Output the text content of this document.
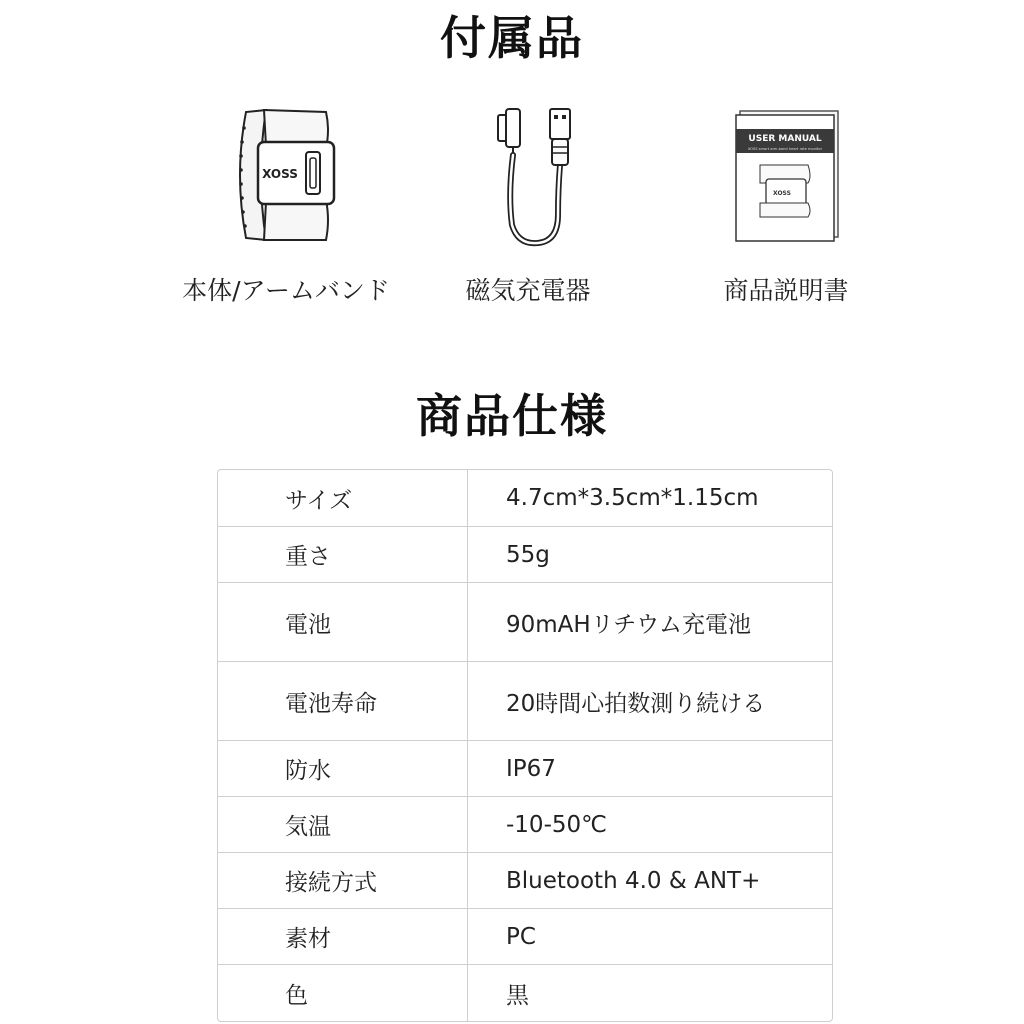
付属品
XOSS
本体/アームバンド	磁気充電器
USER MANUAL
XOSS smart arm-band heart rate monitor
XOSS
商品説明書
商品仕様
サイズ	4.7cm*3.5cm*1.15cm
重さ	55g
電池	90mAHリチウム充電池
電池寿命	20時間心拍数測り続ける
防水	IP67
気温	-10-50℃
接続方式	Bluetooth 4.0 & ANT+
素材	PC
色	黒
